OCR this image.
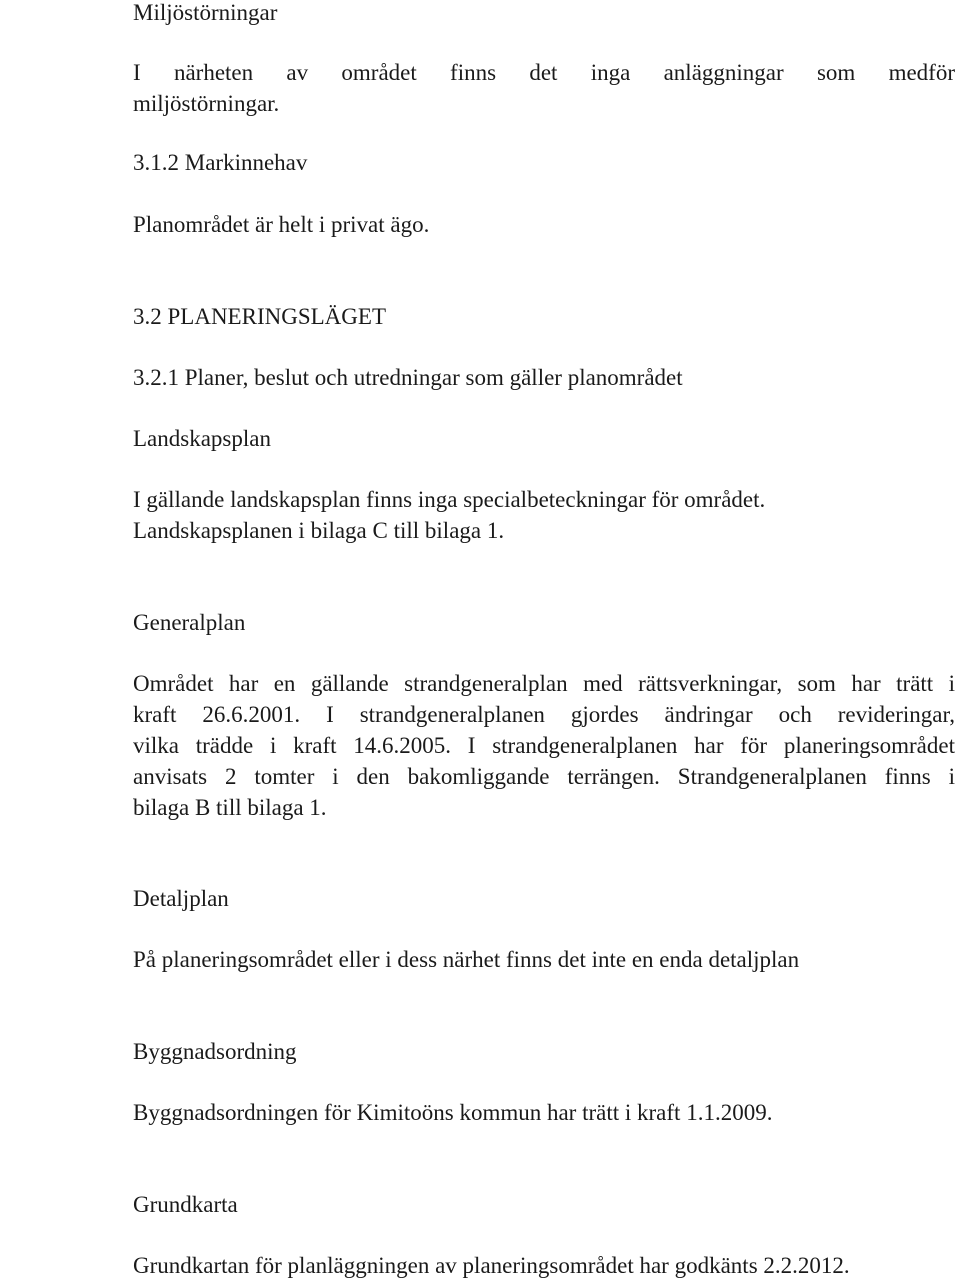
Miljöstörningar
I närheten av området finns det inga anläggningar som medför
miljöstörningar.
3.1.2 Markinnehav
Planområdet är helt i privat ägo.
3.2 PLANERINGSLÄGET
3.2.1 Planer, beslut och utredningar som gäller planområdet
Landskapsplan
I gällande landskapsplan finns inga specialbeteckningar för området.
Landskapsplanen i bilaga C till bilaga 1.
Generalplan
Området har en gällande strandgeneralplan med rättsverkningar, som har trätt i
kraft 26.6.2001. I strandgeneralplanen gjordes ändringar och revideringar,
vilka trädde i kraft 14.6.2005. I strandgeneralplanen har för planeringsområdet
anvisats 2 tomter i den bakomliggande terrängen. Strandgeneralplanen finns i
bilaga B till bilaga 1.
Detaljplan
På planeringsområdet eller i dess närhet finns det inte en enda detaljplan
Byggnadsordning
Byggnadsordningen för Kimitoöns kommun har trätt i kraft 1.1.2009.
Grundkarta
Grundkartan för planläggningen av planeringsområdet har godkänts 2.2.2012.
